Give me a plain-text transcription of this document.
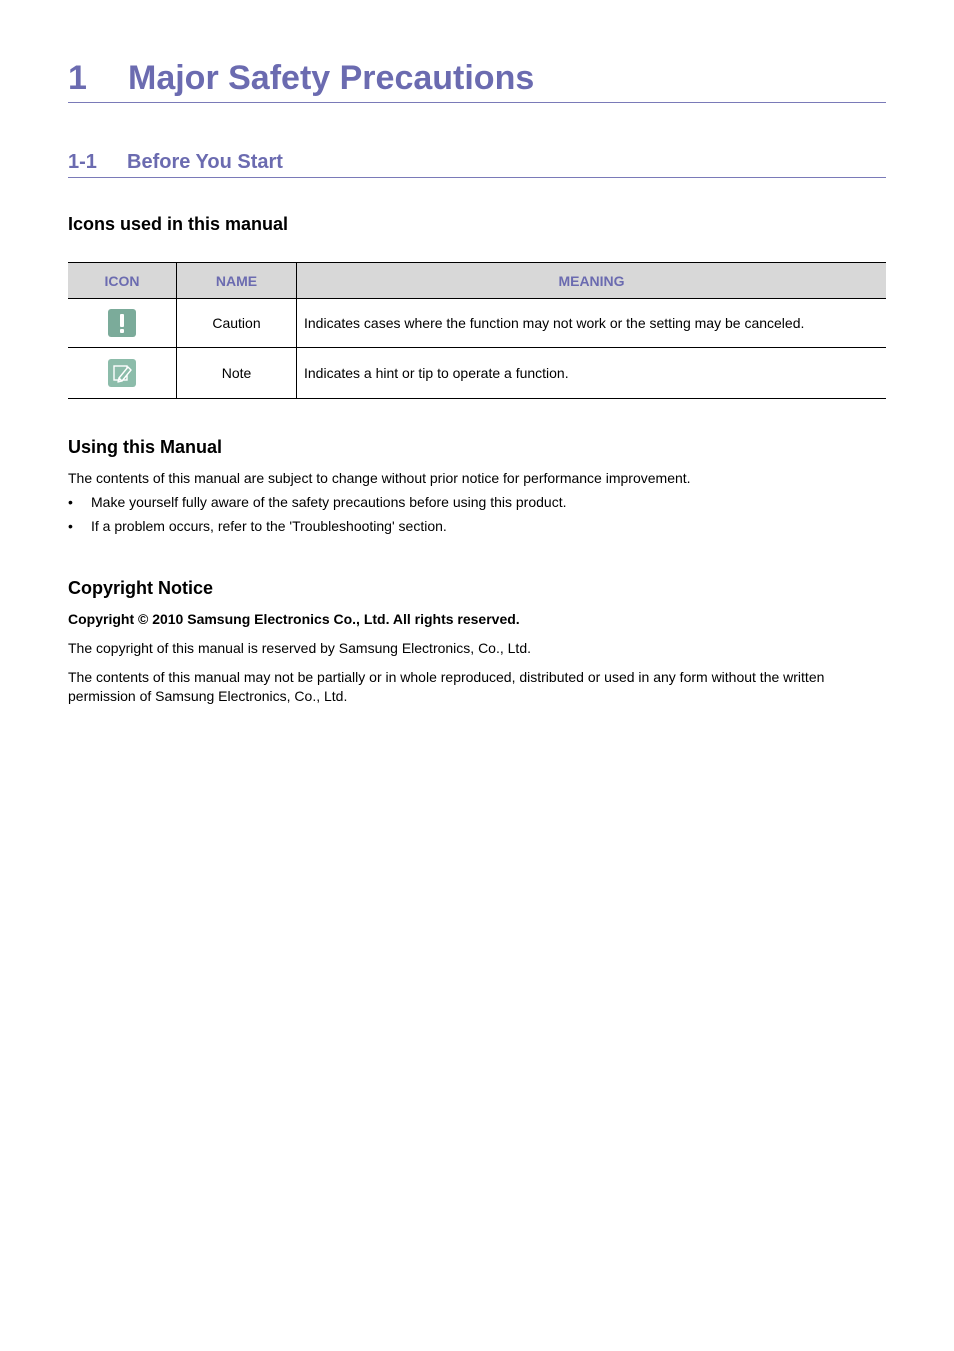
1 Major Safety Precautions
1-1 Before You Start
Icons used in this manual
ICON	NAME	MEANING
	Caution	Indicates cases where the function may not work or the setting may be canceled.

	Note	Indicates a hint or tip to operate a function.
Using this Manual
The contents of this manual are subject to change without prior notice for performance improvement.
• Make yourself fully aware of the safety precautions before using this product.
• If a problem occurs, refer to the 'Troubleshooting' section.
Copyright Notice
Copyright © 2010 Samsung Electronics Co., Ltd. All rights reserved.
The copyright of this manual is reserved by Samsung Electronics, Co., Ltd.
The contents of this manual may not be partially or in whole reproduced, distributed or used in any form without the written permission of Samsung Electronics, Co., Ltd.
